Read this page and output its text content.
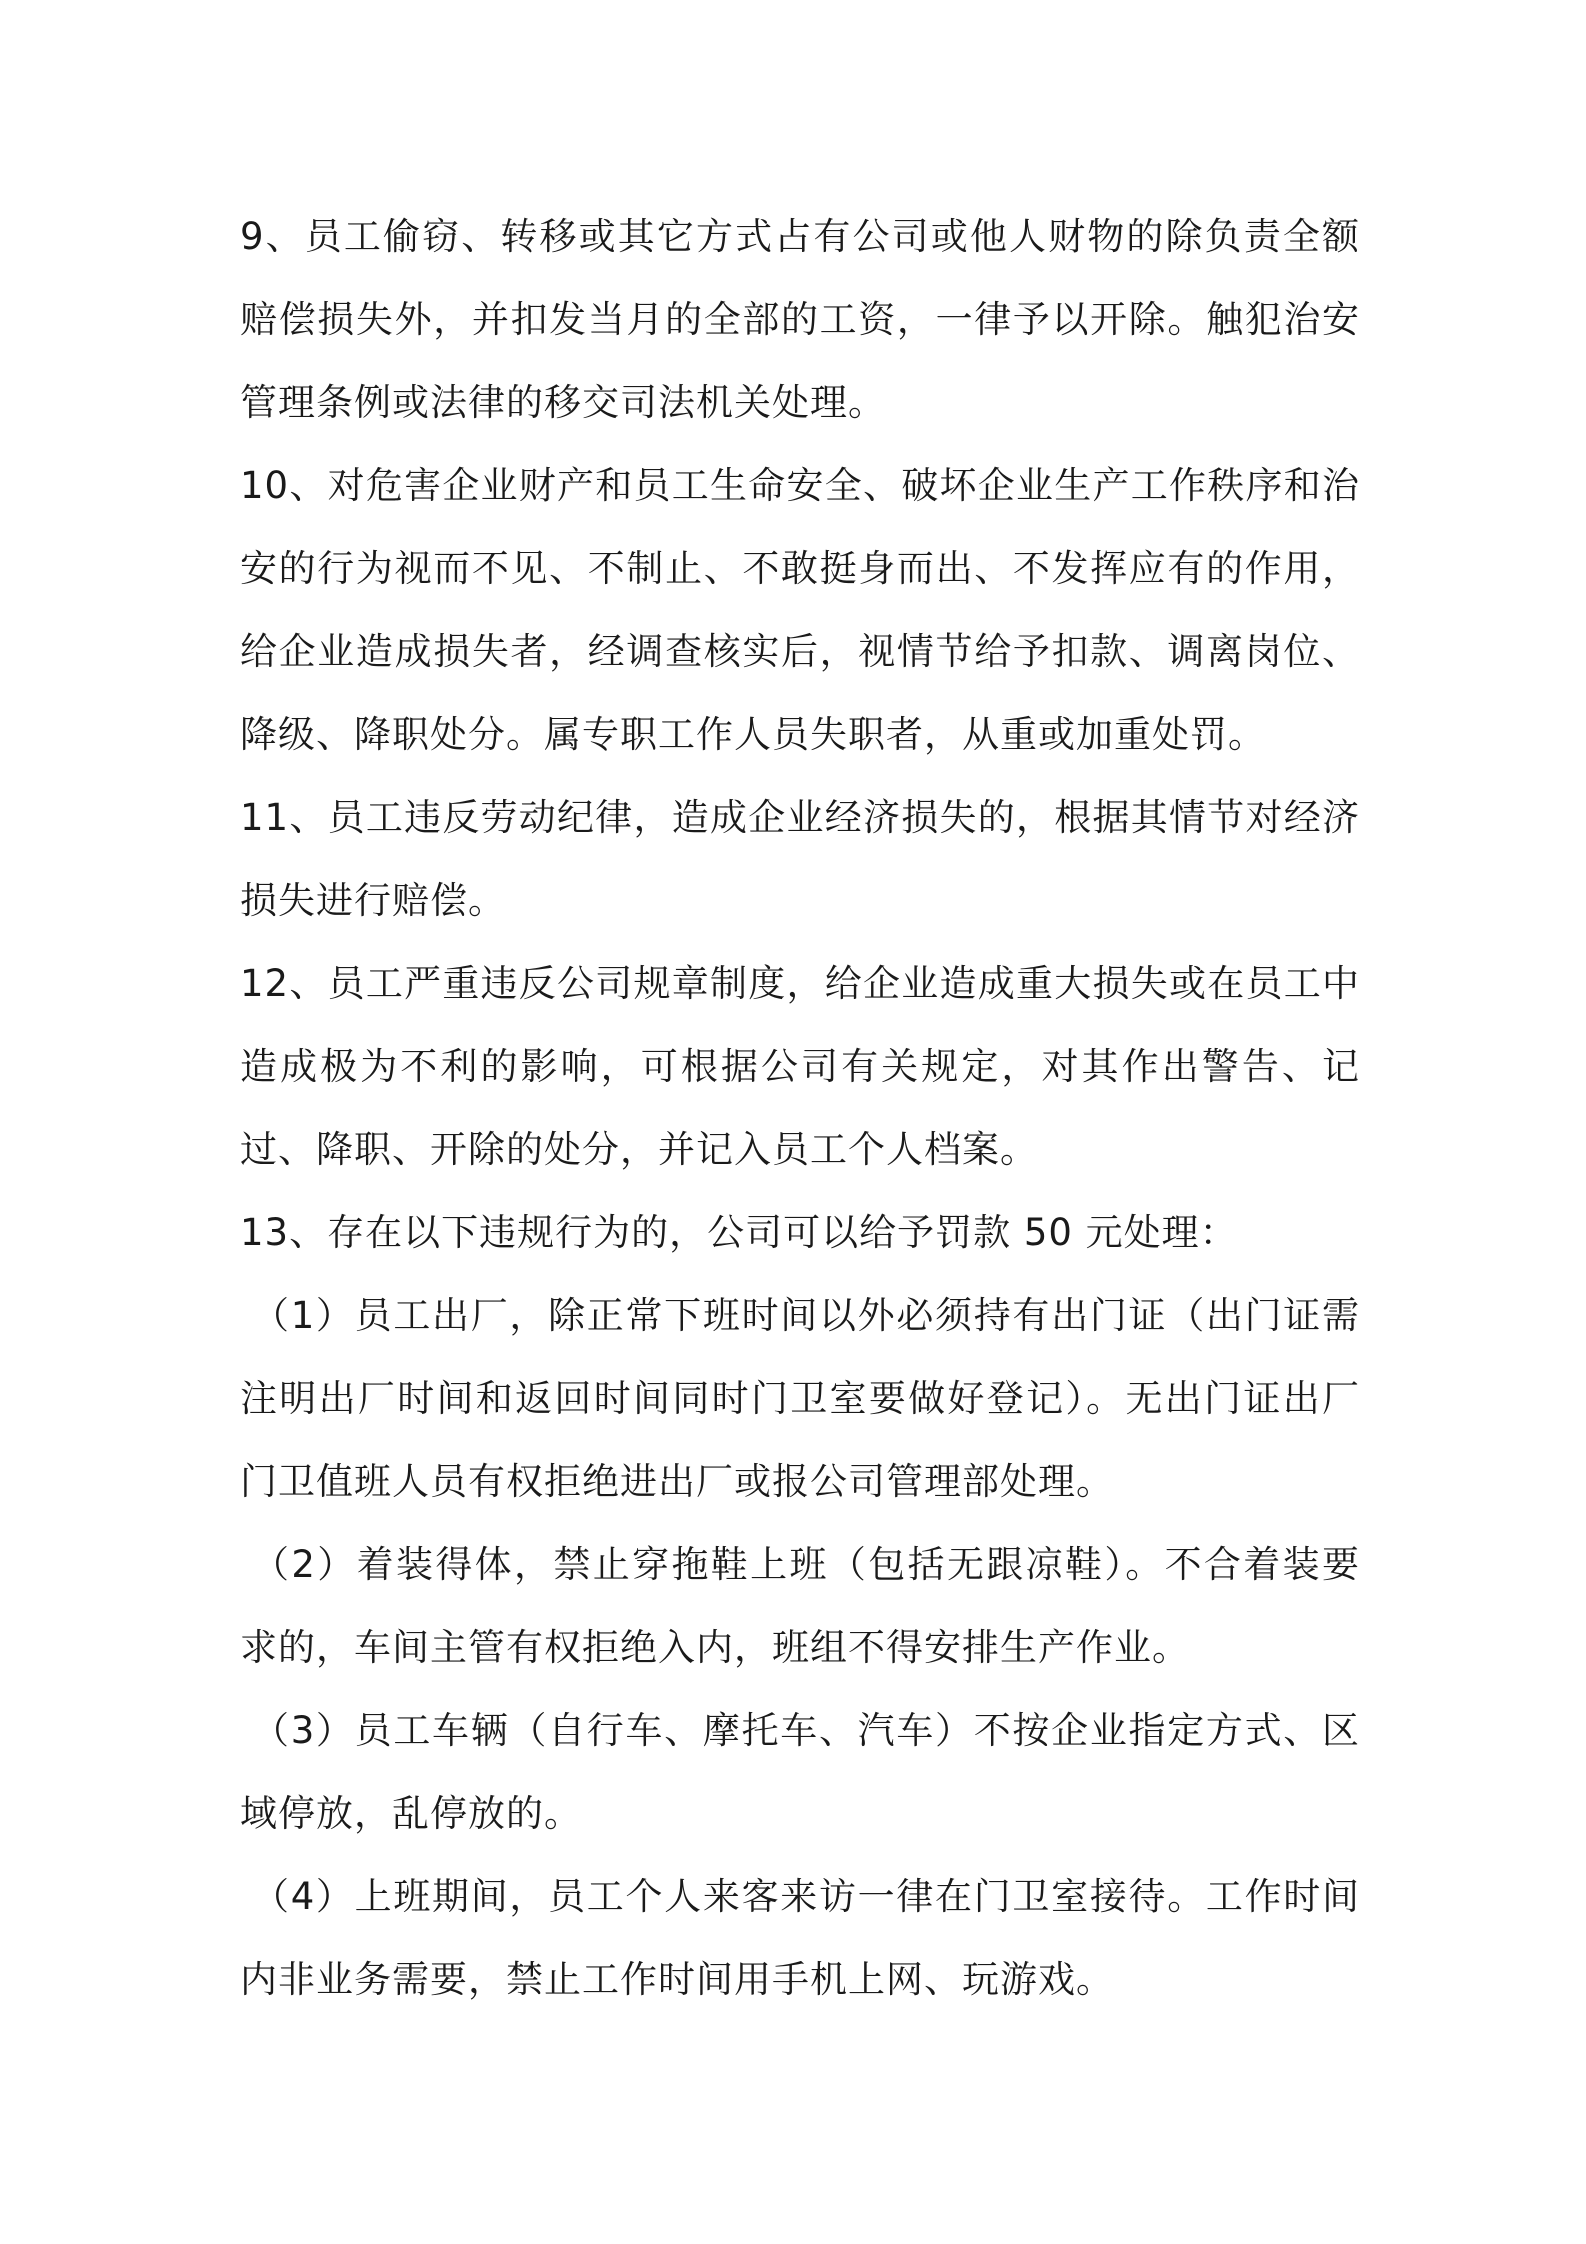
9、员工偷窃、转移或其它方式占有公司或他人财物的除负责全额赔偿损失外，并扣发当月的全部的工资，一律予以开除。触犯治安管理条例或法律的移交司法机关处理。

10、对危害企业财产和员工生命安全、破坏企业生产工作秩序和治安的行为视而不见、不制止、不敢挺身而出、不发挥应有的作用，给企业造成损失者，经调查核实后，视情节给予扣款、调离岗位、降级、降职处分。属专职工作人员失职者，从重或加重处罚。

11、员工违反劳动纪律，造成企业经济损失的，根据其情节对经济损失进行赔偿。

12、员工严重违反公司规章制度，给企业造成重大损失或在员工中造成极为不利的影响，可根据公司有关规定，对其作出警告、记过、降职、开除的处分，并记入员工个人档案。

13、存在以下违规行为的，公司可以给予罚款 50 元处理：

（1）员工出厂，除正常下班时间以外必须持有出门证（出门证需注明出厂时间和返回时间同时门卫室要做好登记）。无出门证出厂门卫值班人员有权拒绝进出厂或报公司管理部处理。

（2）着装得体，禁止穿拖鞋上班（包括无跟凉鞋）。不合着装要求的，车间主管有权拒绝入内，班组不得安排生产作业。

（3）员工车辆（自行车、摩托车、汽车）不按企业指定方式、区域停放，乱停放的。

（4）上班期间，员工个人来客来访一律在门卫室接待。工作时间内非业务需要，禁止工作时间用手机上网、玩游戏。
